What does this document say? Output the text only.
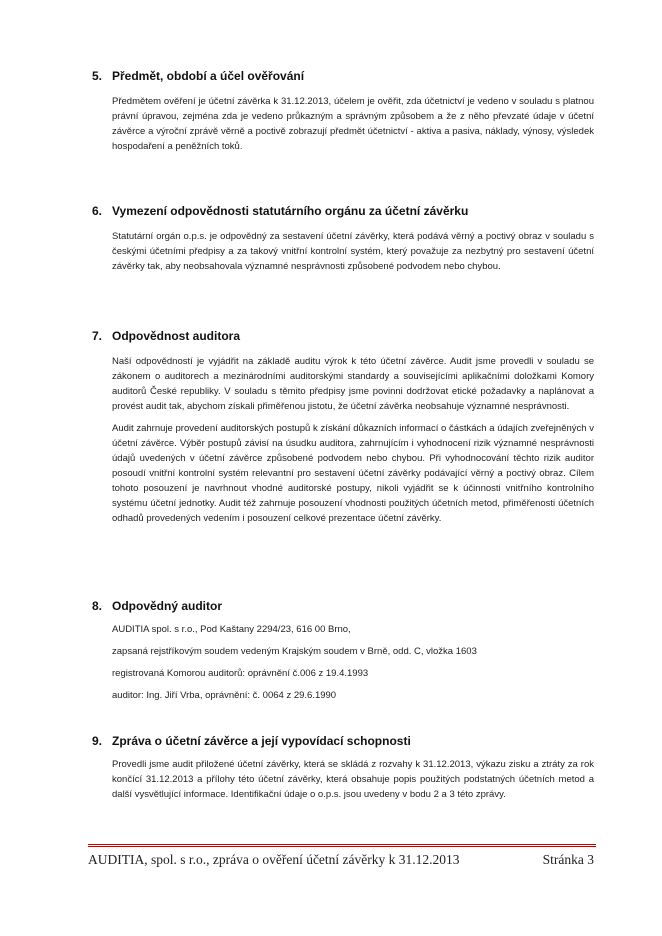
5. Předmět, období a účel ověřování

Předmětem ověření je účetní závěrka k 31.12.2013, účelem je ověřit, zda účetnictví je vedeno v souladu s platnou právní úpravou, zejména zda je vedeno průkazným a správným způsobem a že z něho převzaté údaje v účetní závěrce a výroční zprávě věrně a poctivě zobrazují předmět účetnictví - aktiva a pasiva, náklady, výnosy, výsledek hospodaření a peněžních toků.

6. Vymezení odpovědnosti statutárního orgánu za účetní závěrku

Statutární orgán o.p.s. je odpovědný za sestavení účetní závěrky, která podává věrný a poctivý obraz v souladu s českými účetními předpisy a za takový vnitřní kontrolní systém, který považuje za nezbytný pro sestavení účetní závěrky tak, aby neobsahovala významné nesprávnosti způsobené podvodem nebo chybou.

7. Odpovědnost auditora

Naší odpovědností je vyjádřit na základě auditu výrok k této účetní závěrce. Audit jsme provedli v souladu se zákonem o auditorech a mezinárodními auditorskými standardy a souvisejícími aplikačními doložkami Komory auditorů České republiky. V souladu s těmito předpisy jsme povinni dodržovat etické požadavky a naplánovat a provést audit tak, abychom získali přiměřenou jistotu, že účetní závěrka neobsahuje významné nesprávnosti.

Audit zahrnuje provedení auditorských postupů k získání důkazních informací o částkách a údajích zveřejněných v účetní závěrce. Výběr postupů závisí na úsudku auditora, zahrnujícím i vyhodnocení rizik významné nesprávnosti údajů uvedených v účetní závěrce způsobené podvodem nebo chybou. Při vyhodnocování těchto rizik auditor posoudí vnitřní kontrolní systém relevantní pro sestavení účetní závěrky podávající věrný a poctivý obraz. Cílem tohoto posouzení je navrhnout vhodné auditorské postupy, nikoli vyjádřit se k účinnosti vnitřního kontrolního systému účetní jednotky. Audit též zahrnuje posouzení vhodnosti použitých účetních metod, přiměřenosti účetních odhadů provedených vedením i posouzení celkové prezentace účetní závěrky.

8. Odpovědný auditor
AUDITIA spol. s r.o., Pod Kaštany 2294/23, 616 00 Brno,
zapsaná rejstříkovým soudem vedeným Krajským soudem v Brně, odd. C, vložka 1603
registrovaná Komorou auditorů: oprávnění č.006 z 19.4.1993
auditor: Ing. Jiří Vrba, oprávnění: č. 0064 z 29.6.1990
9. Zpráva o účetní závěrce a její vypovídací schopnosti

Provedli jsme audit přiložené účetní závěrky, která se skládá z rozvahy k 31.12.2013, výkazu zisku a ztráty za rok končící 31.12.2013 a přílohy této účetní závěrky, která obsahuje popis použitých podstatných účetních metod a další vysvětlující informace. Identifikační údaje o o.p.s. jsou uvedeny v bodu 2 a 3 této zprávy.

AUDITIA, spol. s r.o., zpráva o ověření účetní závěrky k 31.12.2013	Stránka 3
